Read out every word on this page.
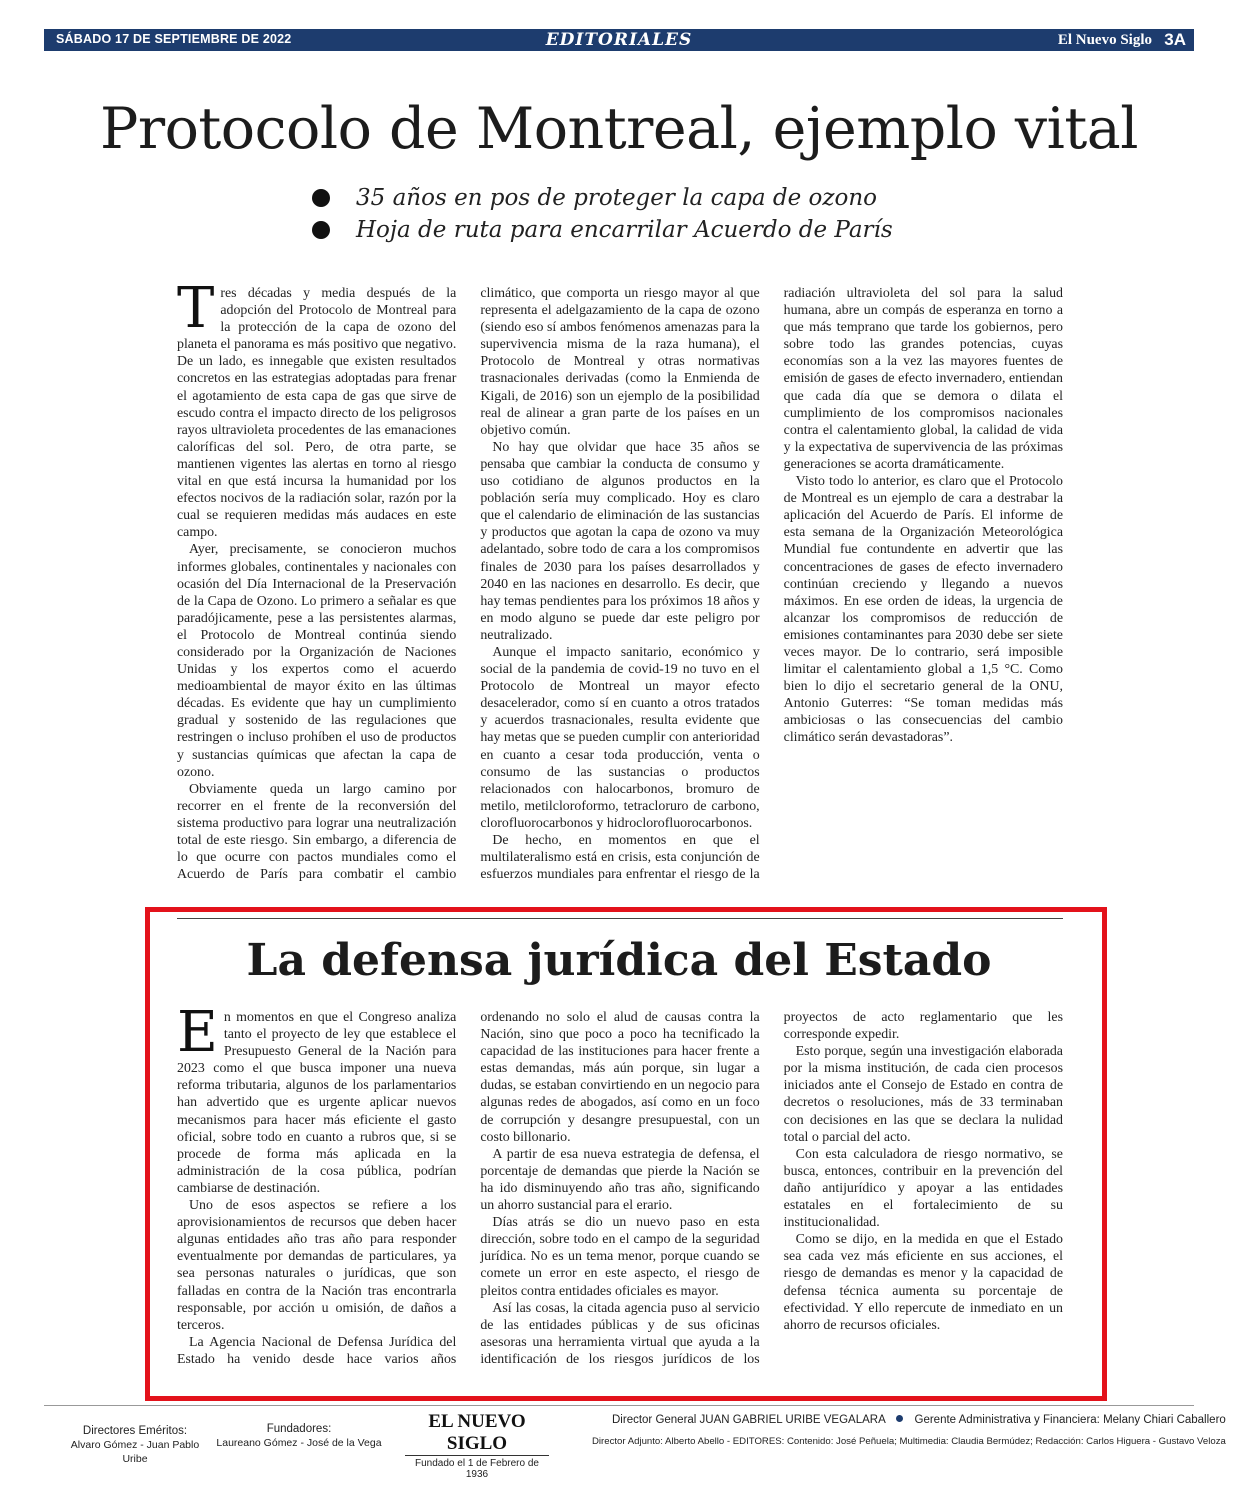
SÁBADO 17 DE SEPTIEMBRE DE 2022	EDITORIALES	El Nuevo Siglo 3A
Protocolo de Montreal, ejemplo vital
35 años en pos de proteger la capa de ozono
Hoja de ruta para encarrilar Acuerdo de París

Tres décadas y media después de la adopción del Protocolo de Montreal para la protección de la capa de ozono del planeta el panorama es más positivo que negativo. De un lado, es innegable que existen resultados concretos en las estrategias adoptadas para frenar el agotamiento de esta capa de gas que sirve de escudo contra el impacto directo de los peligrosos rayos ultravioleta procedentes de las emanaciones caloríficas del sol. Pero, de otra parte, se mantienen vigentes las alertas en torno al riesgo vital en que está incursa la humanidad por los efectos nocivos de la radiación solar, razón por la cual se requieren medidas más audaces en este campo.

Ayer, precisamente, se conocieron muchos informes globales, continentales y nacionales con ocasión del Día Internacional de la Preservación de la Capa de Ozono. Lo primero a señalar es que paradójicamente, pese a las persistentes alarmas, el Protocolo de Montreal continúa siendo considerado por la Organización de Naciones Unidas y los expertos como el acuerdo medioambiental de mayor éxito en las últimas décadas. Es evidente que hay un cumplimiento gradual y sostenido de las regulaciones que restringen o incluso prohíben el uso de productos y sustancias químicas que afectan la capa de ozono.

Obviamente queda un largo camino por recorrer en el frente de la reconversión del sistema productivo para lograr una neutralización total de este riesgo. Sin embargo, a diferencia de lo que ocurre con pactos mundiales como el Acuerdo de París para combatir el cambio climático, que comporta un riesgo mayor al que representa el adelgazamiento de la capa de ozono (siendo eso sí ambos fenómenos amenazas para la supervivencia misma de la raza humana), el Protocolo de Montreal y otras normativas trasnacionales derivadas (como la Enmienda de Kigali, de 2016) son un ejemplo de la posibilidad real de alinear a gran parte de los países en un objetivo común.

No hay que olvidar que hace 35 años se pensaba que cambiar la conducta de consumo y uso cotidiano de algunos productos en la población sería muy complicado. Hoy es claro que el calendario de eliminación de las sustancias y productos que agotan la capa de ozono va muy adelantado, sobre todo de cara a los compromisos finales de 2030 para los países desarrollados y 2040 en las naciones en desarrollo. Es decir, que hay temas pendientes para los próximos 18 años y en modo alguno se puede dar este peligro por neutralizado.

Aunque el impacto sanitario, económico y social de la pandemia de covid-19 no tuvo en el Protocolo de Montreal un mayor efecto desacelerador, como sí en cuanto a otros tratados y acuerdos trasnacionales, resulta evidente que hay metas que se pueden cumplir con anterioridad en cuanto a cesar toda producción, venta o consumo de las sustancias o productos relacionados con halocarbonos, bromuro de metilo, metilcloroformo, tetracloruro de carbono, clorofluorocarbonos y hidroclorofluorocarbonos.

De hecho, en momentos en que el multilateralismo está en crisis, esta conjunción de esfuerzos mundiales para enfrentar el riesgo de la radiación ultravioleta del sol para la salud humana, abre un compás de esperanza en torno a que más temprano que tarde los gobiernos, pero sobre todo las grandes potencias, cuyas economías son a la vez las mayores fuentes de emisión de gases de efecto invernadero, entiendan que cada día que se demora o dilata el cumplimiento de los compromisos nacionales contra el calentamiento global, la calidad de vida y la expectativa de supervivencia de las próximas generaciones se acorta dramáticamente.

Visto todo lo anterior, es claro que el Protocolo de Montreal es un ejemplo de cara a destrabar la aplicación del Acuerdo de París. El informe de esta semana de la Organización Meteorológica Mundial fue contundente en advertir que las concentraciones de gases de efecto invernadero continúan creciendo y llegando a nuevos máximos. En ese orden de ideas, la urgencia de alcanzar los compromisos de reducción de emisiones contaminantes para 2030 debe ser siete veces mayor. De lo contrario, será imposible limitar el calentamiento global a 1,5 °C. Como bien lo dijo el secretario general de la ONU, Antonio Guterres: “Se toman medidas más ambiciosas o las consecuencias del cambio climático serán devastadoras”.

La defensa jurídica del Estado

En momentos en que el Congreso analiza tanto el proyecto de ley que establece el Presupuesto General de la Nación para 2023 como el que busca imponer una nueva reforma tributaria, algunos de los parlamentarios han advertido que es urgente aplicar nuevos mecanismos para hacer más eficiente el gasto oficial, sobre todo en cuanto a rubros que, si se procede de forma más aplicada en la administración de la cosa pública, podrían cambiarse de destinación.

Uno de esos aspectos se refiere a los aprovisionamientos de recursos que deben hacer algunas entidades año tras año para responder eventualmente por demandas de particulares, ya sea personas naturales o jurídicas, que son falladas en contra de la Nación tras encontrarla responsable, por acción u omisión, de daños a terceros.

La Agencia Nacional de Defensa Jurídica del Estado ha venido desde hace varios años ordenando no solo el alud de causas contra la Nación, sino que poco a poco ha tecnificado la capacidad de las instituciones para hacer frente a estas demandas, más aún porque, sin lugar a dudas, se estaban convirtiendo en un negocio para algunas redes de abogados, así como en un foco de corrupción y desangre presupuestal, con un costo billonario.

A partir de esa nueva estrategia de defensa, el porcentaje de demandas que pierde la Nación se ha ido disminuyendo año tras año, significando un ahorro sustancial para el erario.

Días atrás se dio un nuevo paso en esta dirección, sobre todo en el campo de la seguridad jurídica. No es un tema menor, porque cuando se comete un error en este aspecto, el riesgo de pleitos contra entidades oficiales es mayor.

Así las cosas, la citada agencia puso al servicio de las entidades públicas y de sus oficinas asesoras una herramienta virtual que ayuda a la identificación de los riesgos jurídicos de los proyectos de acto reglamentario que les corresponde expedir.

Esto porque, según una investigación elaborada por la misma institución, de cada cien procesos iniciados ante el Consejo de Estado en contra de decretos o resoluciones, más de 33 terminaban con decisiones en las que se declara la nulidad total o parcial del acto.

Con esta calculadora de riesgo normativo, se busca, entonces, contribuir en la prevención del daño antijurídico y apoyar a las entidades estatales en el fortalecimiento de su institucionalidad.

Como se dijo, en la medida en que el Estado sea cada vez más eficiente en sus acciones, el riesgo de demandas es menor y la capacidad de defensa técnica aumenta su porcentaje de efectividad. Y ello repercute de inmediato en un ahorro de recursos oficiales.

Directores Eméritos:
Alvaro Gómez - Juan Pablo Uribe
Fundadores:
Laureano Gómez - José de la Vega
EL NUEVO SIGLO
Fundado el 1 de Febrero de 1936
Director General JUAN GABRIEL URIBE VEGALARA	Gerente Administrativa y Financiera: Melany Chiari Caballero
Director Adjunto: Alberto Abello - EDITORES: Contenido: José Peñuela; Multimedia: Claudia Bermúdez; Redacción: Carlos Higuera - Gustavo Veloza
